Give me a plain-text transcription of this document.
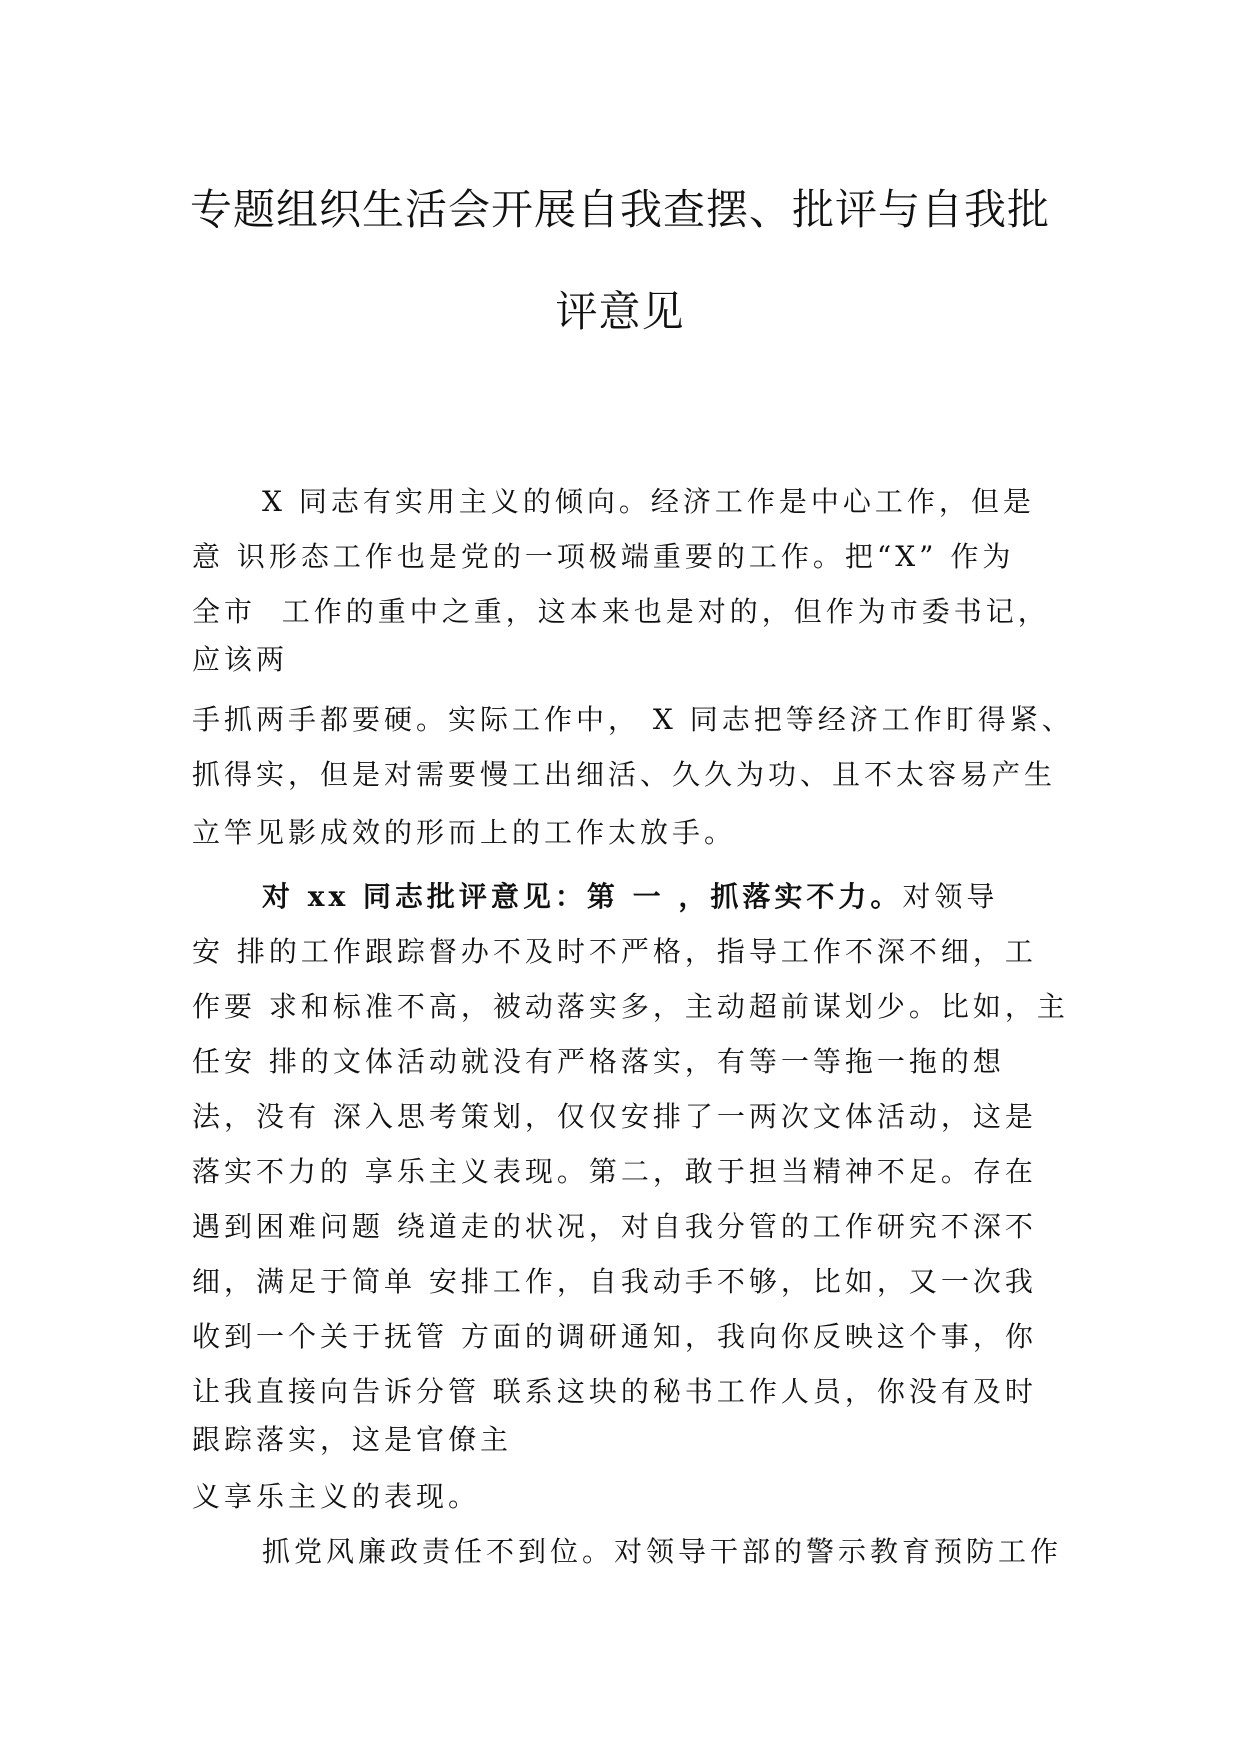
专题组织生活会开展自我查摆、批评与自我批
评意见
X 同志有实用主义的倾向。经济工作是中心工作，但是
意 识形态工作也是党的一项极端重要的工作。把“X” 作为
全市  工作的重中之重，这本来也是对的，但作为市委书记，
应该两
手抓两手都要硬。实际工作中， X 同志把等经济工作盯得紧、
抓得实，但是对需要慢工出细活、久久为功、且不太容易产生
立竿见影成效的形而上的工作太放手。
对 xx 同志批评意见：第 一 ，抓落实不力。对领导
安 排的工作跟踪督办不及时不严格，指导工作不深不细，工
作要 求和标准不高，被动落实多，主动超前谋划少。比如，主
任安 排的文体活动就没有严格落实，有等一等拖一拖的想
法，没有 深入思考策划，仅仅安排了一两次文体活动，这是
落实不力的 享乐主义表现。第二，敢于担当精神不足。存在
遇到困难问题 绕道走的状况，对自我分管的工作研究不深不
细，满足于简单 安排工作，自我动手不够，比如，又一次我
收到一个关于抚管 方面的调研通知，我向你反映这个事，你
让我直接向告诉分管 联系这块的秘书工作人员，你没有及时
跟踪落实，这是官僚主
义享乐主义的表现。
抓党风廉政责任不到位。对领导干部的警示教育预防工作
